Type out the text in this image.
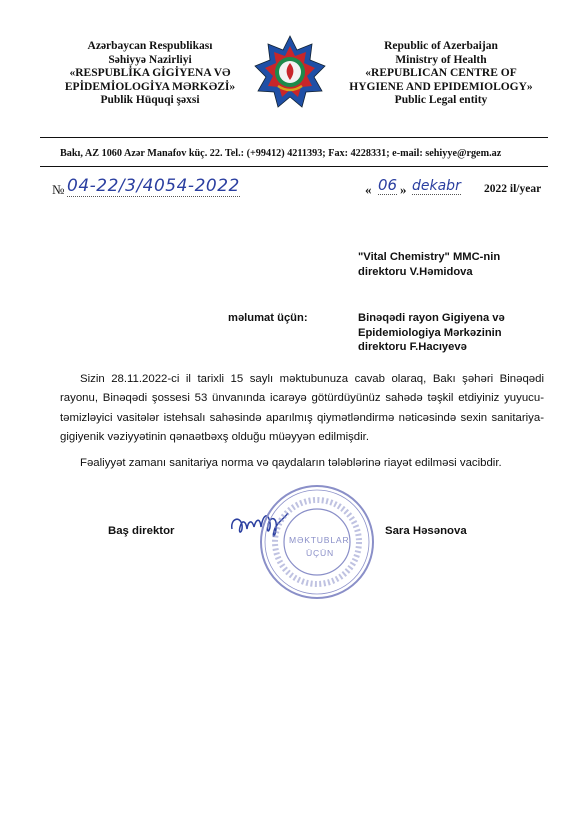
Azərbaycan Respublikası
Səhiyyə Nazirliyi
«RESPUBLİKA GİGİYENA VƏ
EPİDEMİOLOGİYA MƏRKƏZİ»
Publik Hüquqi şəxsi
Republic of Azerbaijan
Ministry of Health
«REPUBLICAN CENTRE OF
HYGIENE AND EPIDEMIOLOGY»
Public Legal entity
Bakı, AZ 1060 Azər Manafov küç. 22. Tel.: (+99412) 4211393; Fax: 4228331; e-mail: sehiyye@rgem.az
№ 04-22/3/4054-2022	« 06 » dekabr 2022 il/year
"Vital Chemistry" MMC-nin
direktoru V.Həmidova
məlumat üçün:	Binəqədi rayon Gigiyena və
Epidemiologiya Mərkəzinin
direktoru F.Hacıyevə
Sizin 28.11.2022-ci il tarixli 15 saylı məktubunuza cavab olaraq, Bakı şəhəri Binəqədi rayonu, Binəqədi şossesi 53 ünvanında icarəyə götürdüyünüz sahədə təşkil etdiyiniz yuyucu-təmizləyici vasitələr istehsalı sahəsində aparılmış qiymətləndirmə nəticəsində sexin sanitariya-gigiyenik vəziyyətinin qənaətbəxş olduğu müəyyən edilmişdir.
Fəaliyyət zamanı sanitariya norma və qaydaların tələblərinə riayət edilməsi vacibdir.
Baş direktor
MƏKTUBLAR
ÜÇÜN
Sara Həsənova
